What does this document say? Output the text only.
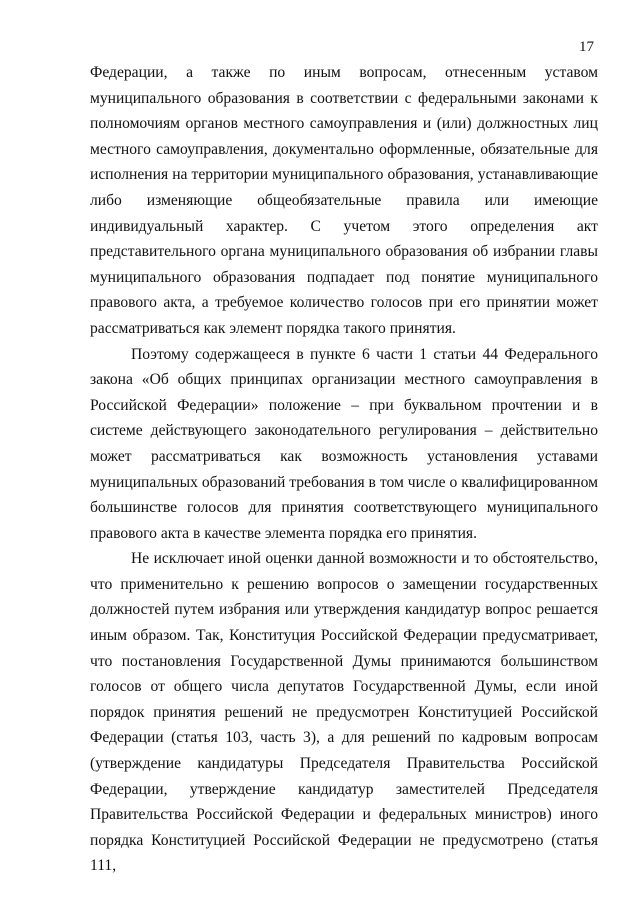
17

Федерации, а также по иным вопросам, отнесенным уставом муниципального образования в соответствии с федеральными законами к полномочиям органов местного самоуправления и (или) должностных лиц местного самоуправления, документально оформленные, обязательные для исполнения на территории муниципального образования, устанавливающие либо изменяющие общеобязательные правила или имеющие индивидуальный характер. С учетом этого определения акт представительного органа муниципального образования об избрании главы муниципального образования подпадает под понятие муниципального правового акта, а требуемое количество голосов при его принятии может рассматриваться как элемент порядка такого принятия.

Поэтому содержащееся в пункте 6 части 1 статьи 44 Федерального закона «Об общих принципах организации местного самоуправления в Российской Федерации» положение – при буквальном прочтении и в системе действующего законодательного регулирования – действительно может рассматриваться как возможность установления уставами муниципальных образований требования в том числе о квалифицированном большинстве голосов для принятия соответствующего муниципального правового акта в качестве элемента порядка его принятия.

Не исключает иной оценки данной возможности и то обстоятельство, что применительно к решению вопросов о замещении государственных должностей путем избрания или утверждения кандидатур вопрос решается иным образом. Так, Конституция Российской Федерации предусматривает, что постановления Государственной Думы принимаются большинством голосов от общего числа депутатов Государственной Думы, если иной порядок принятия решений не предусмотрен Конституцией Российской Федерации (статья 103, часть 3), а для решений по кадровым вопросам (утверждение кандидатуры Председателя Правительства Российской Федерации, утверждение кандидатур заместителей Председателя Правительства Российской Федерации и федеральных министров) иного порядка Конституцией Российской Федерации не предусмотрено (статья 111,
